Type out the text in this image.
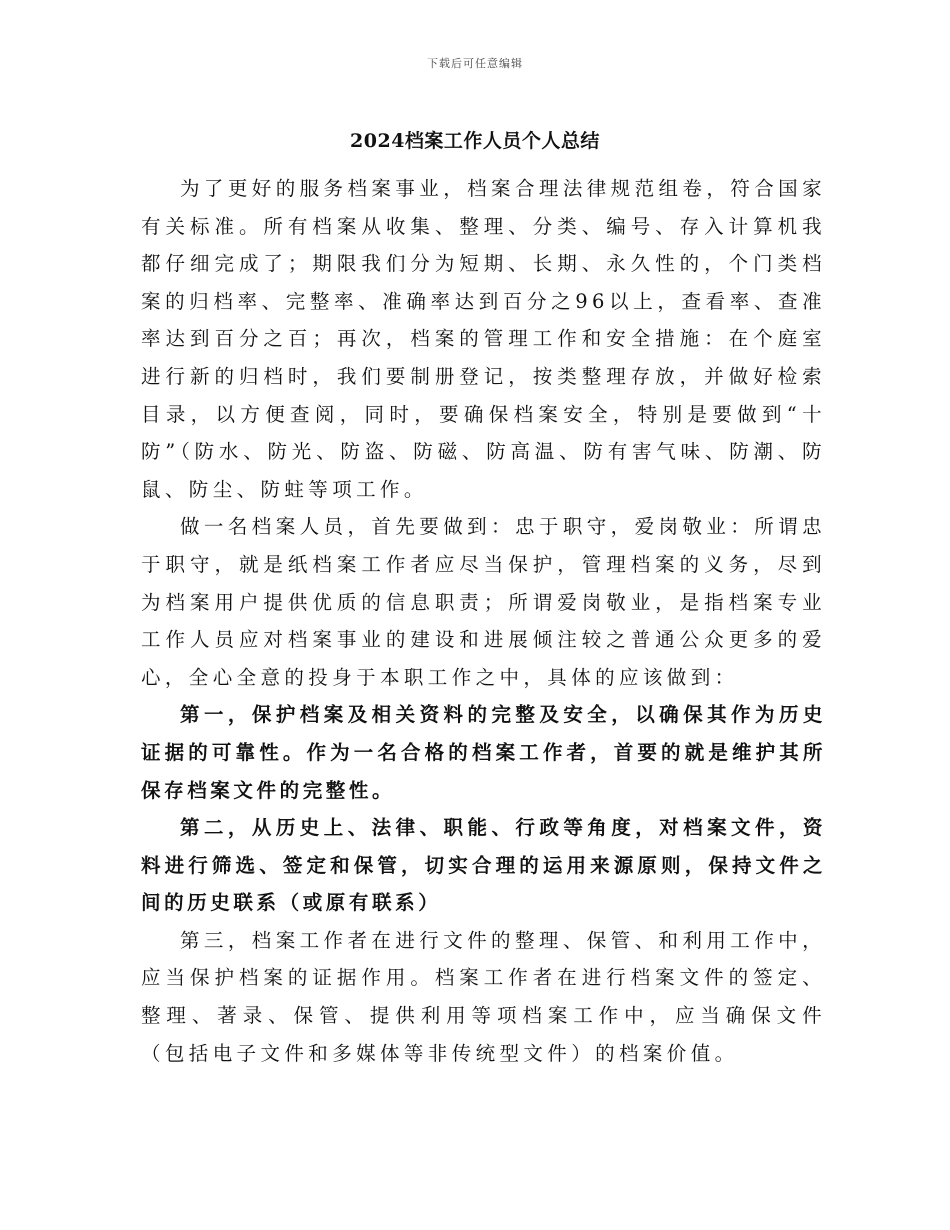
下载后可任意编辑
2024档案工作人员个人总结

为了更好的服务档案事业，档案合理法律规范组卷，符合国家有关标准。所有档案从收集、整理、分类、编号、存入计算机我都仔细完成了；期限我们分为短期、长期、永久性的，个门类档案的归档率、完整率、准确率达到百分之96以上，查看率、查准率达到百分之百；再次，档案的管理工作和安全措施：在个庭室进行新的归档时，我们要制册登记，按类整理存放，并做好检索目录，以方便查阅，同时，要确保档案安全，特别是要做到“十防”（防水、防光、防盗、防磁、防高温、防有害气味、防潮、防鼠、防尘、防蛀等项工作。

做一名档案人员，首先要做到：忠于职守，爱岗敬业：所谓忠于职守，就是纸档案工作者应尽当保护，管理档案的义务，尽到为档案用户提供优质的信息职责；所谓爱岗敬业，是指档案专业工作人员应对档案事业的建设和进展倾注较之普通公众更多的爱心，全心全意的投身于本职工作之中，具体的应该做到：

第一，保护档案及相关资料的完整及安全，以确保其作为历史证据的可靠性。作为一名合格的档案工作者，首要的就是维护其所保存档案文件的完整性。

第二，从历史上、法律、职能、行政等角度，对档案文件，资料进行筛选、签定和保管，切实合理的运用来源原则，保持文件之间的历史联系（或原有联系）

第三，档案工作者在进行文件的整理、保管、和利用工作中，应当保护档案的证据作用。档案工作者在进行档案文件的签定、整理、著录、保管、提供利用等项档案工作中，应当确保文件（包括电子文件和多媒体等非传统型文件）的档案价值。
